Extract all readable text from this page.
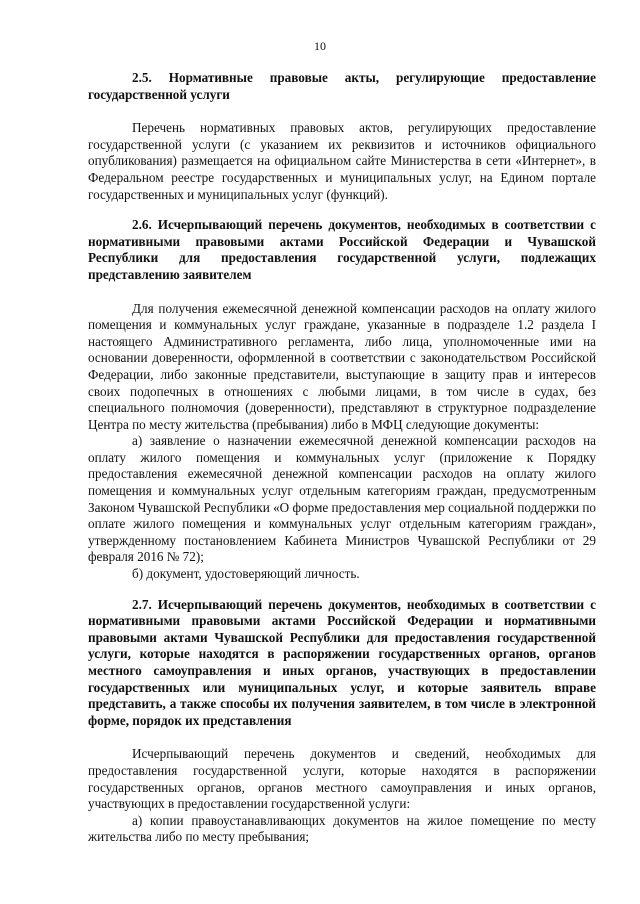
10

2.5. Нормативные правовые акты, регулирующие предоставление государственной услуги

Перечень нормативных правовых актов, регулирующих предоставление государственной услуги (с указанием их реквизитов и источников официального опубликования) размещается на официальном сайте Министерства в сети «Интернет», в Федеральном реестре государственных и муниципальных услуг, на Едином портале государственных и муниципальных услуг (функций).

2.6. Исчерпывающий перечень документов, необходимых в соответствии с нормативными правовыми актами Российской Федерации и Чувашской Республики для предоставления государственной услуги, подлежащих представлению заявителем

Для получения ежемесячной денежной компенсации расходов на оплату жилого помещения и коммунальных услуг граждане, указанные в подразделе 1.2 раздела I настоящего Административного регламента, либо лица, уполномоченные ими на основании доверенности, оформленной в соответствии с законодательством Российской Федерации, либо законные представители, выступающие в защиту прав и интересов своих подопечных в отношениях с любыми лицами, в том числе в судах, без специального полномочия (доверенности), представляют в структурное подразделение Центра по месту жительства (пребывания) либо в МФЦ следующие документы:

а) заявление о назначении ежемесячной денежной компенсации расходов на оплату жилого помещения и коммунальных услуг (приложение к Порядку предоставления ежемесячной денежной компенсации расходов на оплату жилого помещения и коммунальных услуг отдельным категориям граждан, предусмотренным Законом Чувашской Республики «О форме предоставления мер социальной поддержки по оплате жилого помещения и коммунальных услуг отдельным категориям граждан», утвержденному постановлением Кабинета Министров Чувашской Республики от 29 февраля 2016 № 72);

б) документ, удостоверяющий личность.

2.7. Исчерпывающий перечень документов, необходимых в соответствии с нормативными правовыми актами Российской Федерации и нормативными правовыми актами Чувашской Республики для предоставления государственной услуги, которые находятся в распоряжении государственных органов, органов местного самоуправления и иных органов, участвующих в предоставлении государственных или муниципальных услуг, и которые заявитель вправе представить, а также способы их получения заявителем, в том числе в электронной форме, порядок их представления

Исчерпывающий перечень документов и сведений, необходимых для предоставления государственной услуги, которые находятся в распоряжении государственных органов, органов местного самоуправления и иных органов, участвующих в предоставлении государственной услуги:

а) копии правоустанавливающих документов на жилое помещение по месту жительства либо по месту пребывания;
